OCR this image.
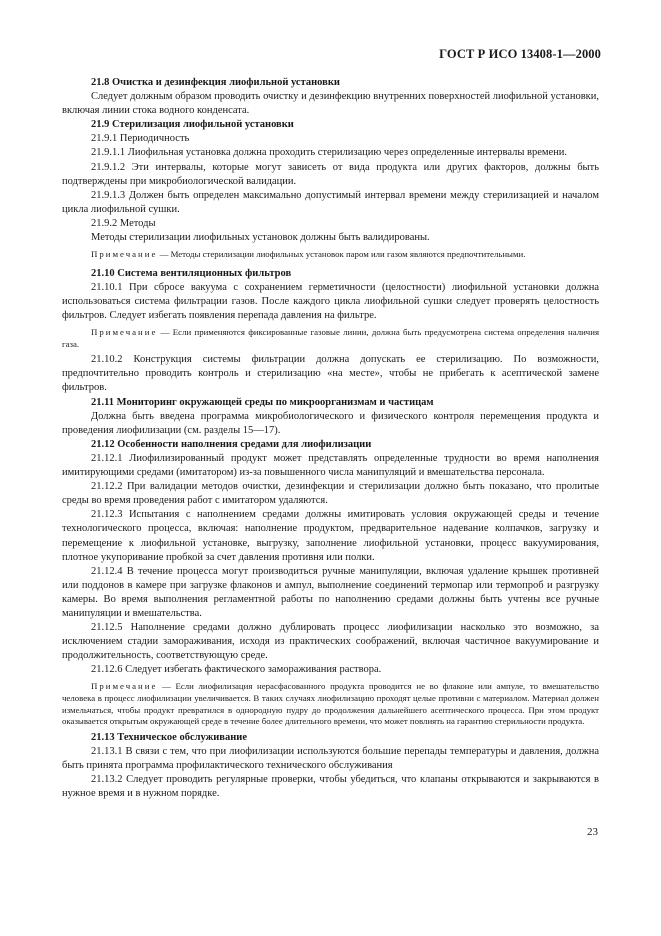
ГОСТ Р ИСО 13408-1—2000

21.8 Очистка и дезинфекция лиофильной установки

Следует должным образом проводить очистку и дезинфекцию внутренних поверхностей лиофильной установки, включая линии стока водного конденсата.

21.9 Стерилизация лиофильной установки

21.9.1 Периодичность

21.9.1.1 Лиофильная установка должна проходить стерилизацию через определенные интервалы времени.

21.9.1.2 Эти интервалы, которые могут зависеть от вида продукта или других факторов, должны быть подтверждены при микробиологической валидации.

21.9.1.3 Должен быть определен максимально допустимый интервал времени между стерилизацией и началом цикла лиофильной сушки.

21.9.2 Методы

Методы стерилизации лиофильных установок должны быть валидированы.

Примечание — Методы стерилизации лиофильных установок паром или газом являются предпочтительными.

21.10 Система вентиляционных фильтров

21.10.1 При сбросе вакуума с сохранением герметичности (целостности) лиофильной установки должна использоваться система фильтрации газов. После каждого цикла лиофильной сушки следует проверять целостность фильтров. Следует избегать появления перепада давления на фильтре.

Примечание — Если применяются фиксированные газовые линии, должна быть предусмотрена система определения наличия газа.

21.10.2 Конструкция системы фильтрации должна допускать ее стерилизацию. По возможности, предпочтительно проводить контроль и стерилизацию «на месте», чтобы не прибегать к асептической замене фильтров.

21.11 Мониторинг окружающей среды по микроорганизмам и частицам

Должна быть введена программа микробиологического и физического контроля перемещения продукта и проведения лиофилизации (см. разделы 15—17).

21.12 Особенности наполнения средами для лиофилизации

21.12.1 Лиофилизированный продукт может представлять определенные трудности во время наполнения имитирующими средами (имитатором) из-за повышенного числа манипуляций и вмешательства персонала.

21.12.2 При валидации методов очистки, дезинфекции и стерилизации должно быть показано, что пролитые среды во время проведения работ с имитатором удаляются.

21.12.3 Испытания с наполнением средами должны имитировать условия окружающей среды и течение технологического процесса, включая: наполнение продуктом, предварительное надевание колпачков, загрузку и перемещение к лиофильной установке, выгрузку, заполнение лиофильной установки, процесс вакуумирования, плотное укупоривание пробкой за счет давления противня или полки.

21.12.4 В течение процесса могут производиться ручные манипуляции, включая удаление крышек противней или поддонов в камере при загрузке флаконов и ампул, выполнение соединений термопар или термопроб и разгрузку камеры. Во время выполнения регламентной работы по наполнению средами должны быть учтены все ручные манипуляции и вмешательства.

21.12.5 Наполнение средами должно дублировать процесс лиофилизации насколько это возможно, за исключением стадии замораживания, исходя из практических соображений, включая частичное вакуумирование и продолжительность, соответствующую среде.

21.12.6 Следует избегать фактического замораживания раствора.

Примечание — Если лиофилизация нерасфасованного продукта проводится не во флаконе или ампуле, то вмешательство человека в процесс лиофилизации увеличивается. В таких случаях лиофилизацию проходят целые противни с материалом. Материал должен измельчаться, чтобы продукт превратился в однородную пудру до продолжения дальнейшего асептического процесса. При этом продукт оказывается открытым окружающей среде в течение более длительного времени, что может повлиять на гарантию стерильности продукта.

21.13 Техническое обслуживание

21.13.1 В связи с тем, что при лиофилизации используются большие перепады температуры и давления, должна быть принята программа профилактического технического обслуживания

21.13.2 Следует проводить регулярные проверки, чтобы убедиться, что клапаны открываются и закрываются в нужное время и в нужном порядке.

23
